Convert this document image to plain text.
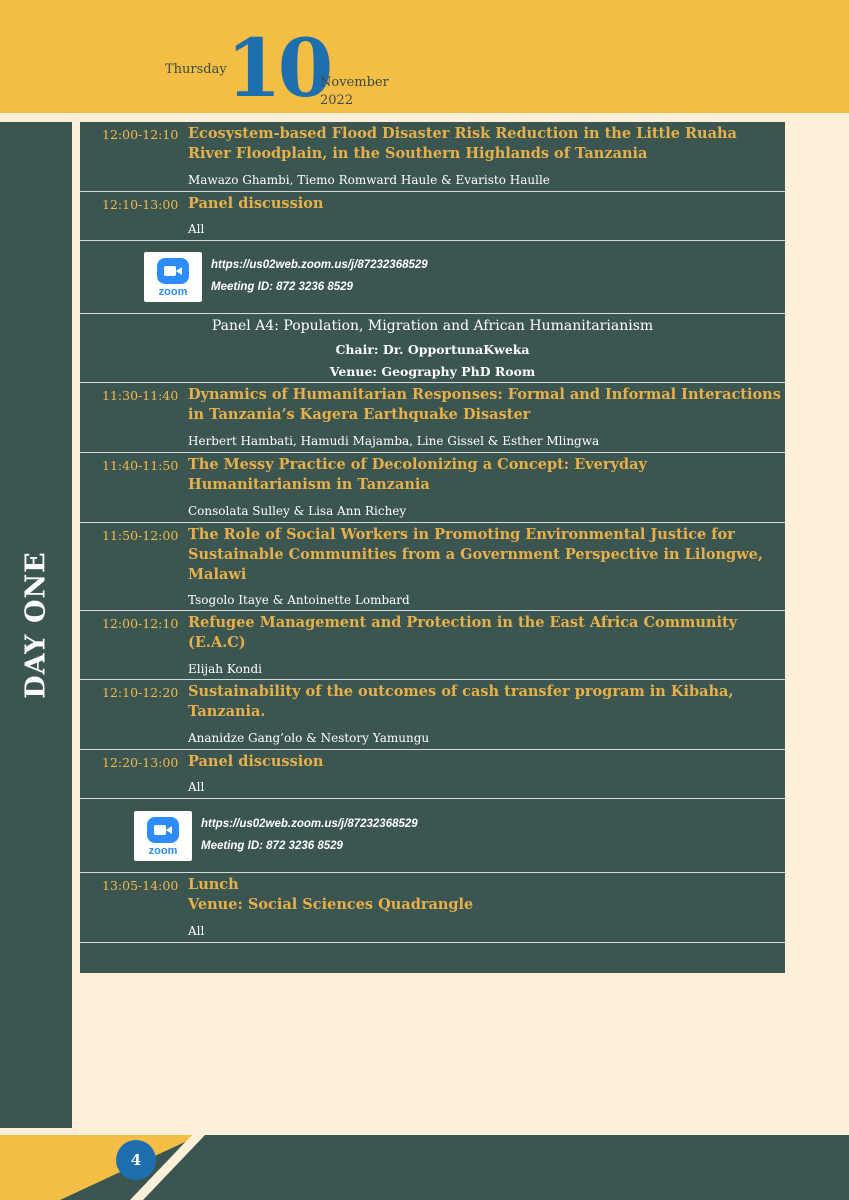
Thursday 10
November
2022
DAY ONE
12:00-12:10 Ecosystem-based Flood Disaster Risk Reduction in the Little Ruaha River Floodplain, in the Southern Highlands of Tanzania
Mawazo Ghambi, Tiemo Romward Haule & Evaristo Haulle
12:10-13:00 Panel discussion
All
zoom
https://us02web.zoom.us/j/87232368529
Meeting ID: 872 3236 8529
Panel A4: Population, Migration and African Humanitarianism
Chair: Dr. OpportunaKweka
Venue: Geography PhD Room
11:30-11:40 Dynamics of Humanitarian Responses: Formal and Informal Interactions in Tanzania’s Kagera Earthquake Disaster
Herbert Hambati, Hamudi Majamba, Line Gissel & Esther Mlingwa
11:40-11:50 The Messy Practice of Decolonizing a Concept: Everyday Humanitarianism in Tanzania
Consolata Sulley & Lisa Ann Richey
11:50-12:00 The Role of Social Workers in Promoting Environmental Justice for Sustainable Communities from a Government Perspective in Lilongwe, Malawi
Tsogolo Itaye & Antoinette Lombard
12:00-12:10 Refugee Management and Protection in the East Africa Community (E.A.C)
Elijah Kondi
12:10-12:20 Sustainability of the outcomes of cash transfer program in Kibaha, Tanzania.
Ananidze Gang’olo & Nestory Yamungu
12:20-13:00 Panel discussion
All
zoom
https://us02web.zoom.us/j/87232368529
Meeting ID: 872 3236 8529
13:05-14:00 Lunch
Venue: Social Sciences Quadrangle
All
4
